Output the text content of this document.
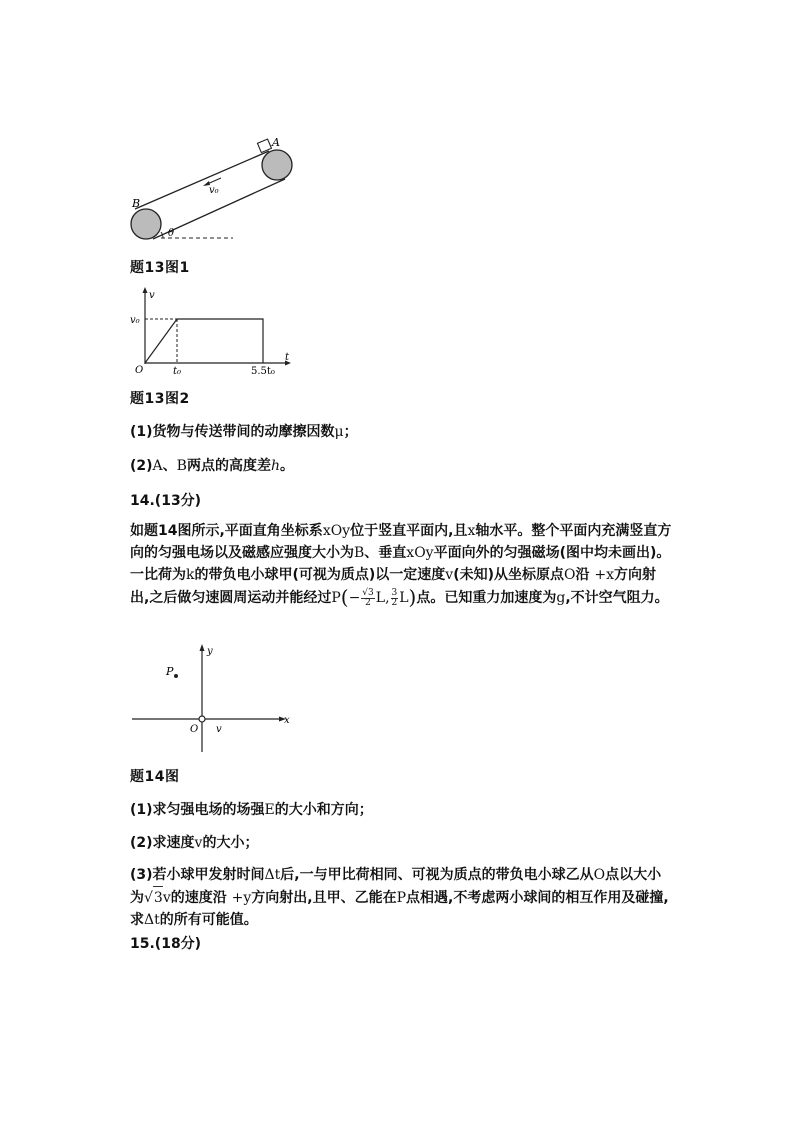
A
B
v₀
θ
题13图1
v
t
O
v₀
t₀	5.5t₀
题13图2
(1)货物与传送带间的动摩擦因数μ；
(2)A、B两点的高度差h。
14.(13分)
如题14图所示,平面直角坐标系xOy位于竖直平面内,且x轴水平。整个平面内充满竖直方向的匀强电场以及磁感应强度大小为B、垂直xOy平面向外的匀强磁场(图中均未画出)。一比荷为k的带负电小球甲(可视为质点)以一定速度v(未知)从坐标原点O沿 +x方向射出,之后做匀速圆周运动并能经过$P(- \frac{√3}{2} L$, $\frac{3}{2} L$)点。已知重力加速度为g,不计空气阻力。
y
x
O v
P
题14图
(1)求匀强电场的场强E的大小和方向；
(2)求速度v的大小；
(3)若小球甲发射时间Δt后,一与甲比荷相同、可视为质点的带负电小球乙从O点以大小为√3v的速度沿 +y方向射出,且甲、乙能在P点相遇,不考虑两小球间的相互作用及碰撞,求Δt的所有可能值。
15.(18分)
